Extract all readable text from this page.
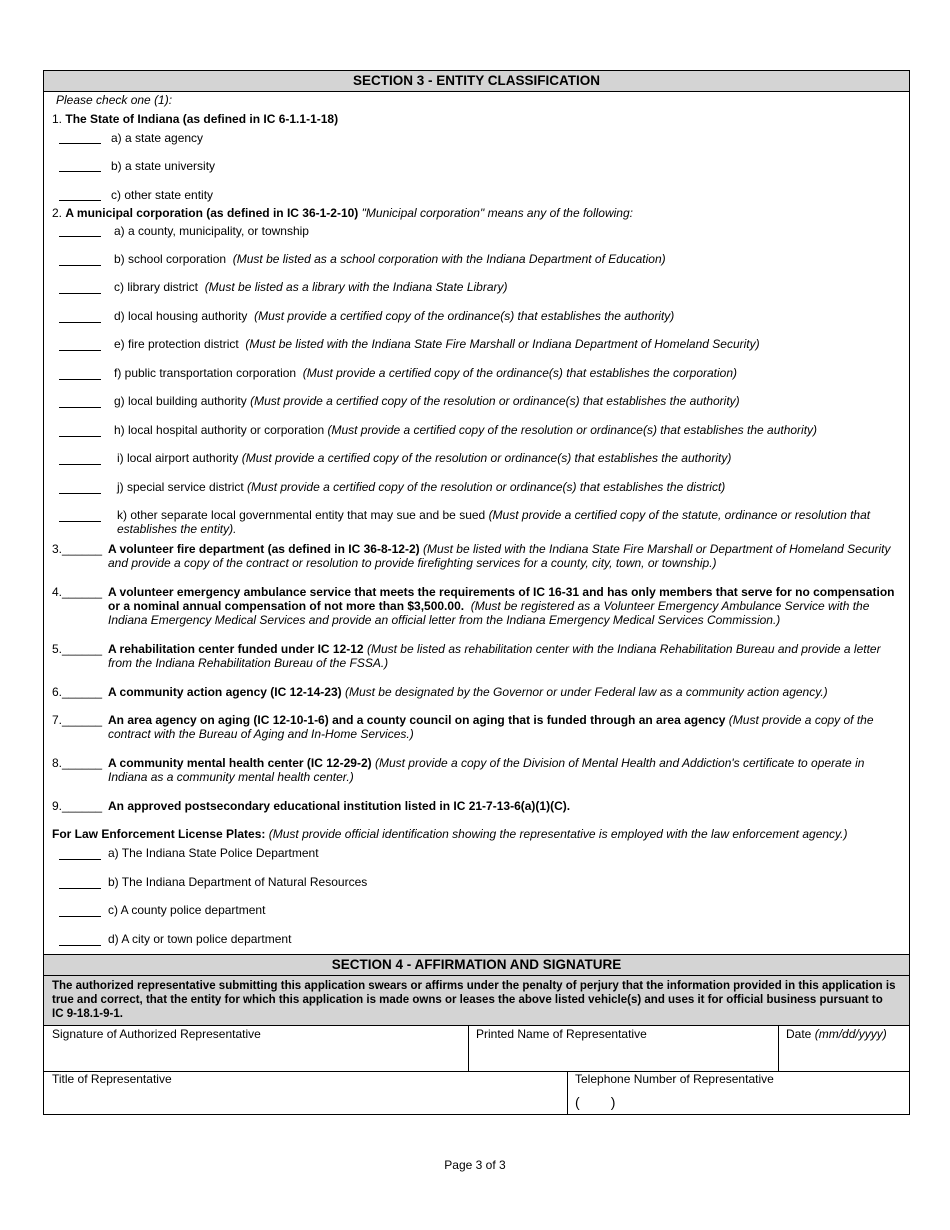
SECTION 3 - ENTITY CLASSIFICATION
Please check one (1):
1. The State of Indiana (as defined in IC 6-1.1-1-18)
a) a state agency
b) a state university
c) other state entity
2. A municipal corporation (as defined in IC 36-1-2-10) "Municipal corporation" means any of the following:
a) a county, municipality, or township
b) school corporation (Must be listed as a school corporation with the Indiana Department of Education)
c) library district (Must be listed as a library with the Indiana State Library)
d) local housing authority (Must provide a certified copy of the ordinance(s) that establishes the authority)
e) fire protection district (Must be listed with the Indiana State Fire Marshall or Indiana Department of Homeland Security)
f) public transportation corporation (Must provide a certified copy of the ordinance(s) that establishes the corporation)
g) local building authority (Must provide a certified copy of the resolution or ordinance(s) that establishes the authority)
h) local hospital authority or corporation (Must provide a certified copy of the resolution or ordinance(s) that establishes the authority)
i) local airport authority (Must provide a certified copy of the resolution or ordinance(s) that establishes the authority)
j) special service district (Must provide a certified copy of the resolution or ordinance(s) that establishes the district)
k) other separate local governmental entity that may sue and be sued (Must provide a certified copy of the statute, ordinance or resolution that establishes the entity).
3.______ A volunteer fire department (as defined in IC 36-8-12-2) (Must be listed with the Indiana State Fire Marshall or Department of Homeland Security and provide a copy of the contract or resolution to provide firefighting services for a county, city, town, or township.)
4.______ A volunteer emergency ambulance service that meets the requirements of IC 16-31 and has only members that serve for no compensation or a nominal annual compensation of not more than $3,500.00. (Must be registered as a Volunteer Emergency Ambulance Service with the Indiana Emergency Medical Services and provide an official letter from the Indiana Emergency Medical Services Commission.)
5.______ A rehabilitation center funded under IC 12-12 (Must be listed as rehabilitation center with the Indiana Rehabilitation Bureau and provide a letter from the Indiana Rehabilitation Bureau of the FSSA.)
6.______ A community action agency (IC 12-14-23) (Must be designated by the Governor or under Federal law as a community action agency.)
7.______ An area agency on aging (IC 12-10-1-6) and a county council on aging that is funded through an area agency (Must provide a copy of the contract with the Bureau of Aging and In-Home Services.)
8.______ A community mental health center (IC 12-29-2) (Must provide a copy of the Division of Mental Health and Addiction's certificate to operate in Indiana as a community mental health center.)
9.______ An approved postsecondary educational institution listed in IC 21-7-13-6(a)(1)(C).
For Law Enforcement License Plates: (Must provide official identification showing the representative is employed with the law enforcement agency.)
a) The Indiana State Police Department
b) The Indiana Department of Natural Resources
c) A county police department
d) A city or town police department
SECTION 4 - AFFIRMATION AND SIGNATURE
The authorized representative submitting this application swears or affirms under the penalty of perjury that the information provided in this application is true and correct, that the entity for which this application is made owns or leases the above listed vehicle(s) and uses it for official business pursuant to IC 9-18.1-9-1.
Signature of Authorized Representative	Printed Name of Representative	Date (mm/dd/yyyy)
Title of Representative	Telephone Number of Representative
(        )
Page 3 of 3
